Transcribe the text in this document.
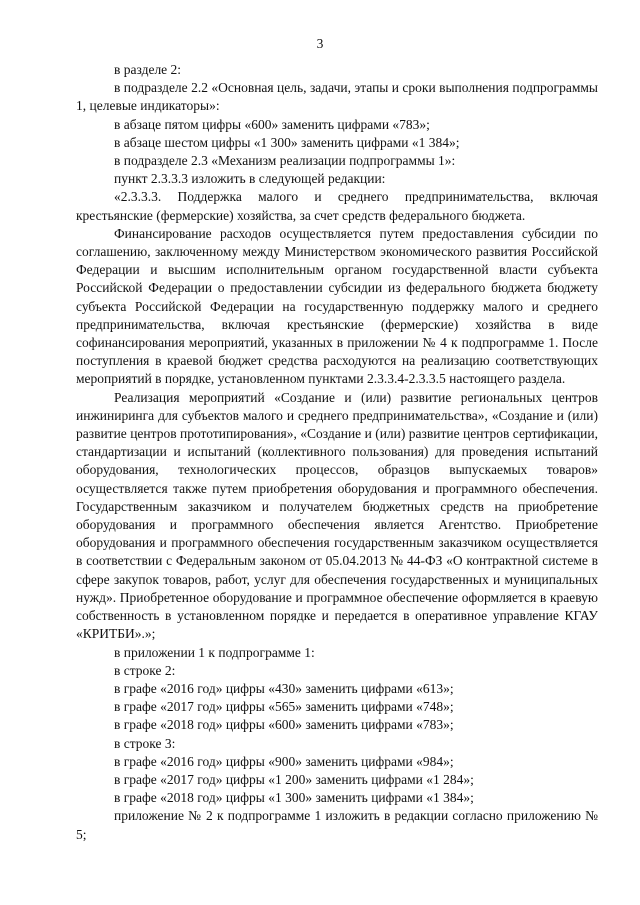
3

в разделе 2:

в подразделе 2.2 «Основная цель, задачи, этапы и сроки выполнения подпрограммы 1, целевые индикаторы»:

в абзаце пятом цифры «600» заменить цифрами «783»;

в абзаце шестом цифры «1 300» заменить цифрами «1 384»;

в подразделе 2.3 «Механизм реализации подпрограммы 1»:

пункт 2.3.3.3 изложить в следующей редакции:

«2.3.3.3. Поддержка малого и среднего предпринимательства, включая крестьянские (фермерские) хозяйства, за счет средств федерального бюджета.

Финансирование расходов осуществляется путем предоставления субсидии по соглашению, заключенному между Министерством экономического развития Российской Федерации и высшим исполнительным органом государственной власти субъекта Российской Федерации о предоставлении субсидии из федерального бюджета бюджету субъекта Российской Федерации на государственную поддержку малого и среднего предпринимательства, включая крестьянские (фермерские) хозяйства в виде софинансирования мероприятий, указанных в приложении № 4 к подпрограмме 1. После поступления в краевой бюджет средства расходуются на реализацию соответствующих мероприятий в порядке, установленном пунктами 2.3.3.4-2.3.3.5 настоящего раздела.

Реализация мероприятий «Создание и (или) развитие региональных центров инжиниринга для субъектов малого и среднего предпринимательства», «Создание и (или) развитие центров прототипирования», «Создание и (или) развитие центров сертификации, стандартизации и испытаний (коллективного пользования) для проведения испытаний оборудования, технологических процессов, образцов выпускаемых товаров» осуществляется также путем приобретения оборудования и программного обеспечения. Государственным заказчиком и получателем бюджетных средств на приобретение оборудования и программного обеспечения является Агентство. Приобретение оборудования и программного обеспечения государственным заказчиком осуществляется в соответствии с Федеральным законом от 05.04.2013 № 44-ФЗ «О контрактной системе в сфере закупок товаров, работ, услуг для обеспечения государственных и муниципальных нужд». Приобретенное оборудование и программное обеспечение оформляется в краевую собственность в установленном порядке и передается в оперативное управление КГАУ «КРИТБИ».»;

в приложении 1 к подпрограмме 1:

в строке 2:

в графе «2016 год» цифры «430» заменить цифрами «613»;

в графе «2017 год» цифры «565» заменить цифрами «748»;

в графе «2018 год» цифры «600» заменить цифрами «783»;

в строке 3:

в графе «2016 год» цифры «900» заменить цифрами «984»;

в графе «2017 год» цифры «1 200» заменить цифрами «1 284»;

в графе «2018 год» цифры «1 300» заменить цифрами «1 384»;

приложение № 2 к подпрограмме 1 изложить в редакции согласно приложению № 5;
